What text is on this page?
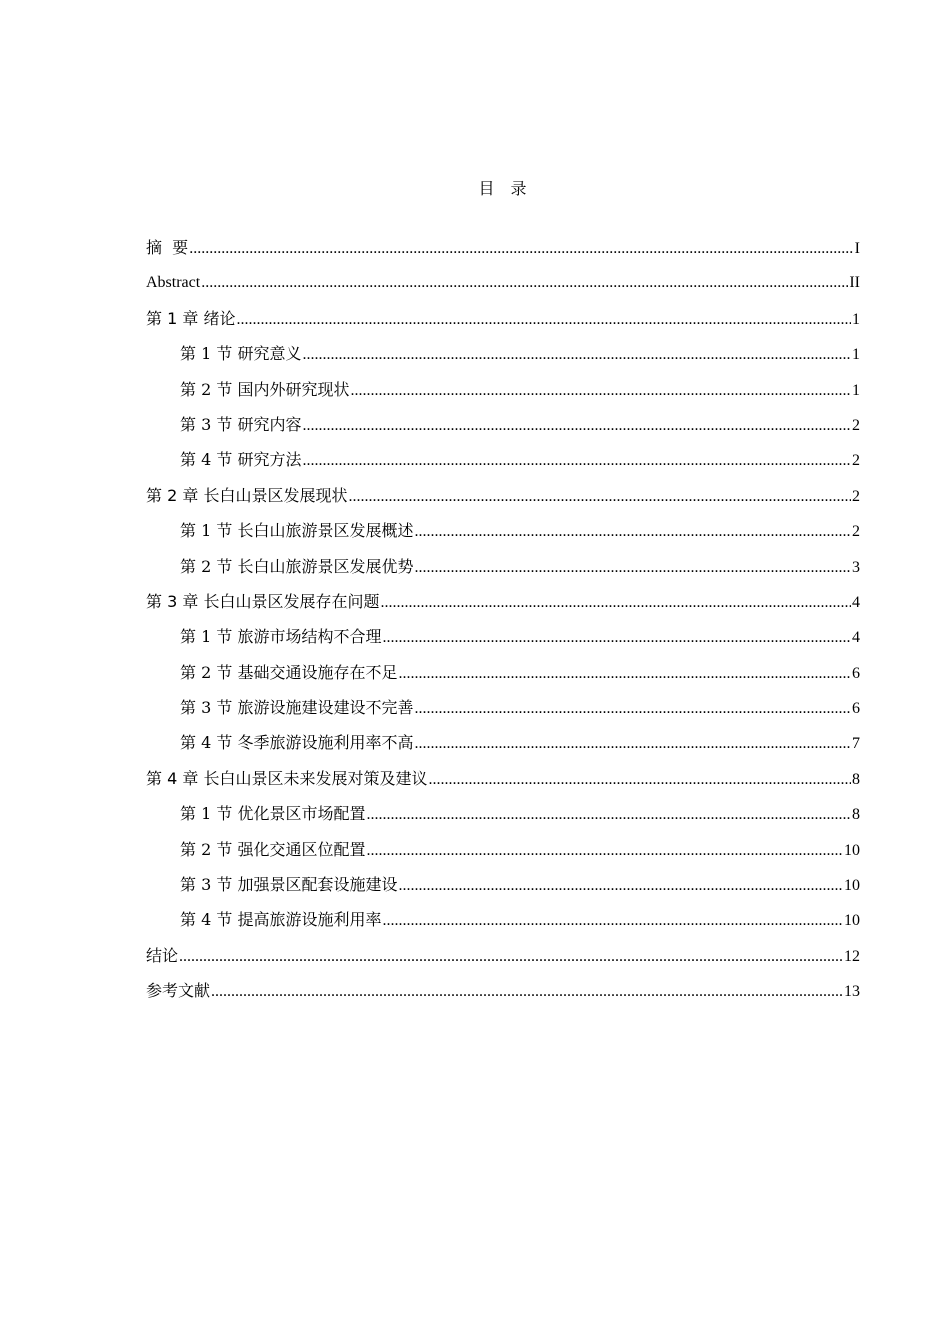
目 录
摘  要 .....	I
Abstract .....	II
第 1 章 绪论 .....	1
第 1 节 研究意义 .....	1
第 2 节 国内外研究现状 .....	1
第 3 节 研究内容 .....	2
第 4 节 研究方法 .....	2
第 2 章 长白山景区发展现状 .....	2
第 1 节 长白山旅游景区发展概述 .....	2
第 2 节 长白山旅游景区发展优势 .....	3
第 3 章 长白山景区发展存在问题 .....	4
第 1 节 旅游市场结构不合理 .....	4
第 2 节 基础交通设施存在不足 .....	6
第 3 节 旅游设施建设建设不完善 .....	6
第 4 节 冬季旅游设施利用率不高 .....	7
第 4 章 长白山景区未来发展对策及建议 .....	8
第 1 节 优化景区市场配置 .....	8
第 2 节 强化交通区位配置 .....	10
第 3 节 加强景区配套设施建设 .....	10
第 4 节 提高旅游设施利用率 .....	10
结论 .....	12
参考文献 .....	13
